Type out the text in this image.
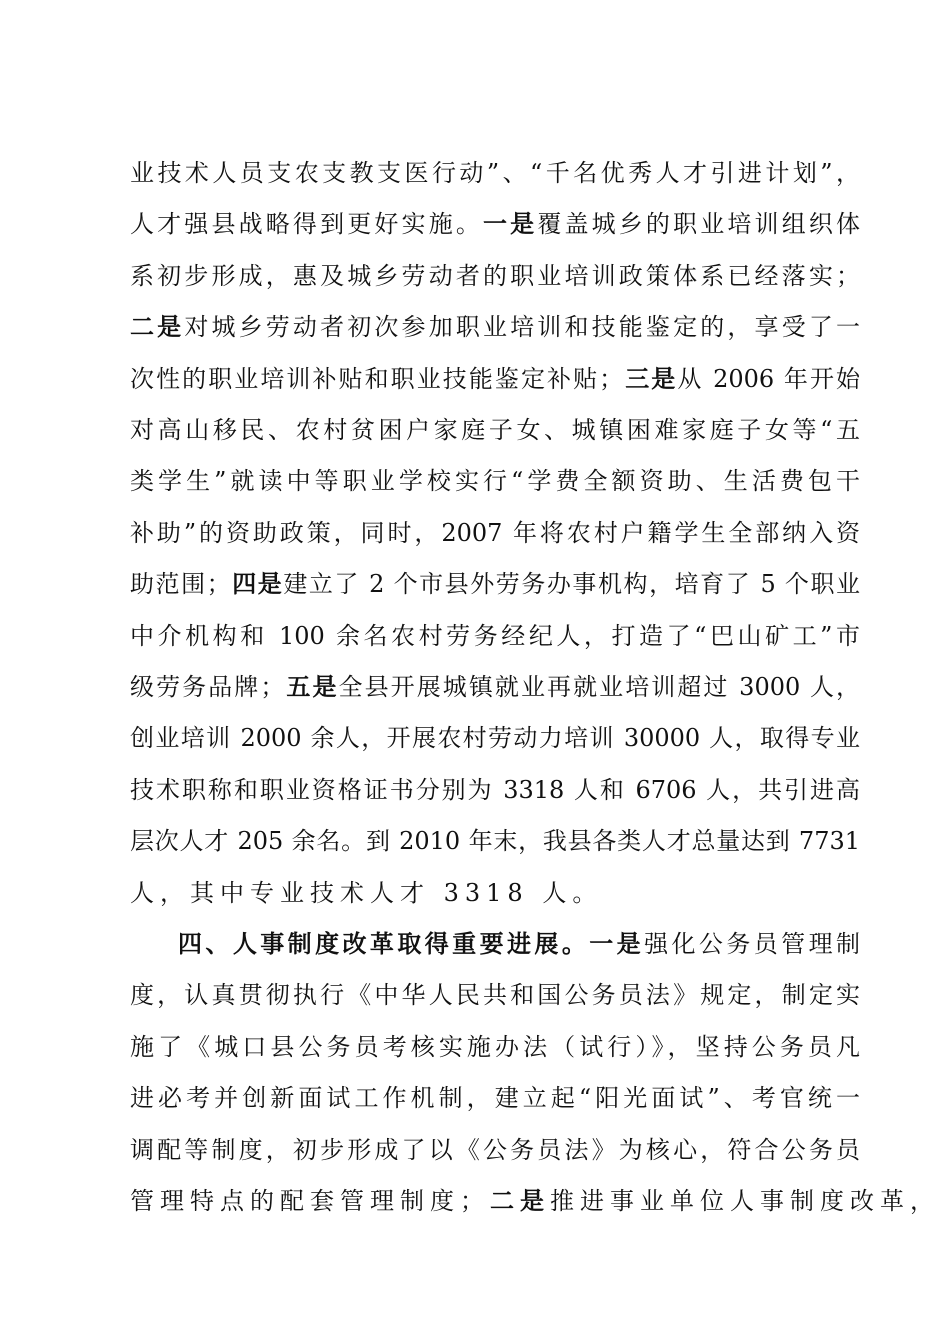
业技术人员支农支教支医行动”、“千名优秀人才引进计划”，
人才强县战略得到更好实施。一是覆盖城乡的职业培训组织体
系初步形成，惠及城乡劳动者的职业培训政策体系已经落实；
二是对城乡劳动者初次参加职业培训和技能鉴定的，享受了一
次性的职业培训补贴和职业技能鉴定补贴；三是从 2006 年开始
对高山移民、农村贫困户家庭子女、城镇困难家庭子女等“五
类学生”就读中等职业学校实行“学费全额资助、生活费包干
补助”的资助政策，同时，2007 年将农村户籍学生全部纳入资
助范围；四是建立了 2 个市县外劳务办事机构，培育了 5 个职业
中介机构和 100 余名农村劳务经纪人，打造了“巴山矿工”市
级劳务品牌；五是全县开展城镇就业再就业培训超过 3000 人，
创业培训 2000 余人，开展农村劳动力培训 30000 人，取得专业
技术职称和职业资格证书分别为 3318 人和 6706 人，共引进高
层次人才 205 余名。到 2010 年末，我县各类人才总量达到 7731
人，其中专业技术人才 3318 人。
四、人事制度改革取得重要进展。一是强化公务员管理制
度，认真贯彻执行《中华人民共和国公务员法》规定，制定实
施了《城口县公务员考核实施办法（试行）》，坚持公务员凡
进必考并创新面试工作机制，建立起“阳光面试”、考官统一
调配等制度，初步形成了以《公务员法》为核心，符合公务员
管理特点的配套管理制度；二是推进事业单位人事制度改革，
